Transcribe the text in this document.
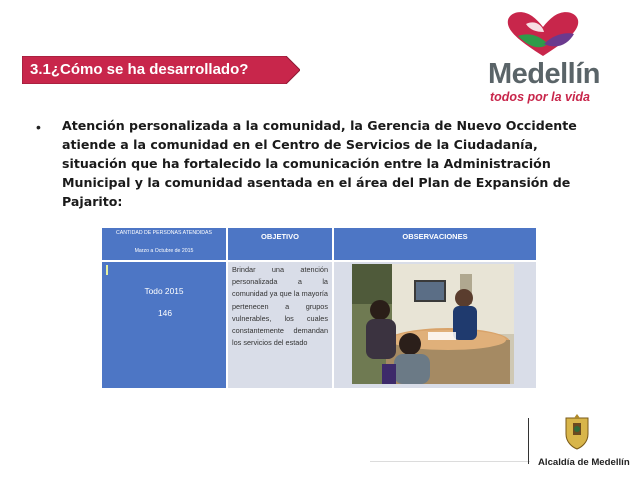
3.1¿Cómo se ha desarrollado?	Medellín
todos por la vida
• Atención personalizada a la comunidad, la Gerencia de Nuevo Occidente atiende a la comunidad en el Centro de Servicios de la Ciudadanía, situación que ha fortalecido la comunicación entre la Administración Municipal y la comunidad asentada en el área del Plan de Expansión de Pajarito:
CANTIDAD DE PERSONAS ATENDIDAS
Marzo a Octubre de 2015
OBJETIVO	OBSERVACIONES
Todo 2015
146
Brindar una atención personalizada a la comunidad ya que la mayoría pertenecen a grupos vulnerables, los cuales constantemente demandan los servicios del estado
Alcaldía de Medellín
